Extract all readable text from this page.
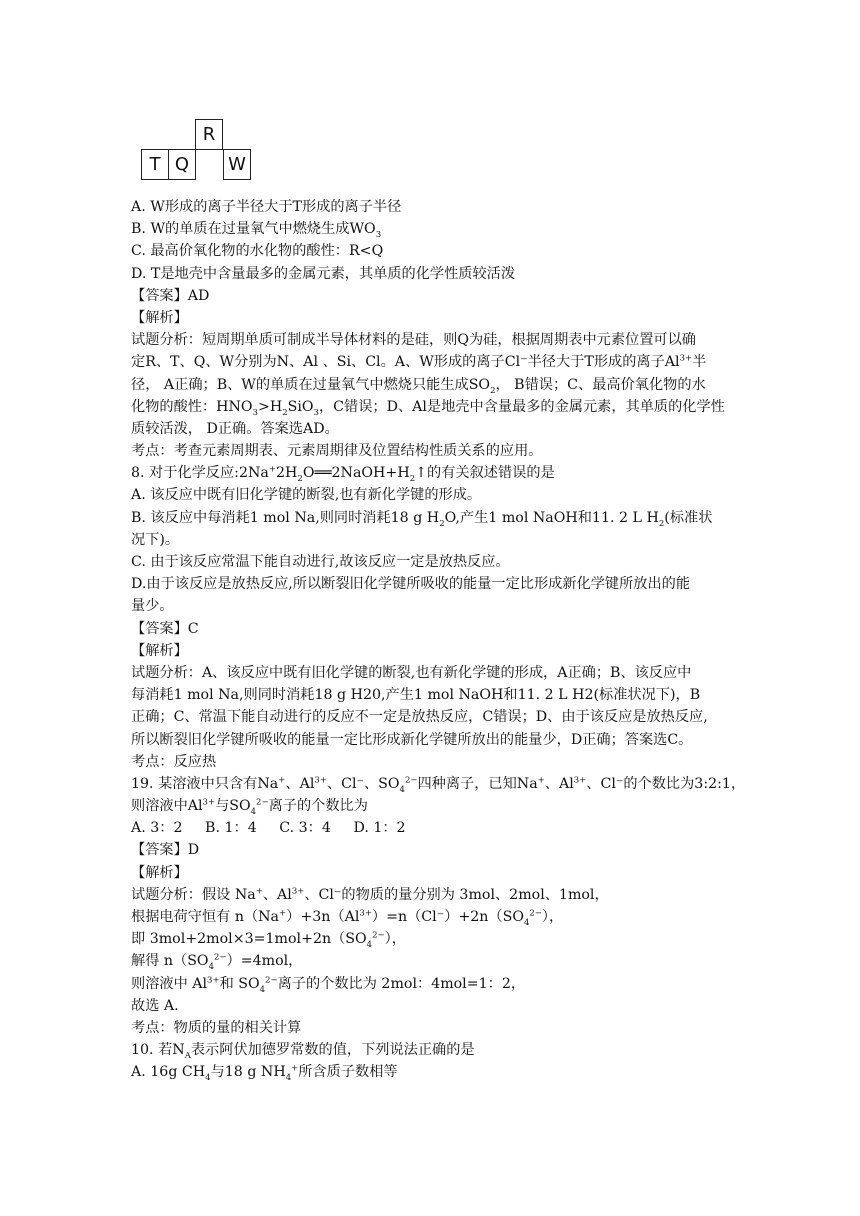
T Q
R
W
A. W形成的离子半径大于T形成的离子半径
B. W的单质在过量氧气中燃烧生成$WO_3$
C. 最高价氧化物的水化物的酸性：R<Q
D. T是地壳中含量最多的金属元素，其单质的化学性质较活泼
【答案】AD
【解析】
试题分析：短周期单质可制成半导体材料的是硅，则Q为硅，根据周期表中元素位置可以确
定R、T、Q、W分别为N、Al 、Si、Cl。A、W形成的离子Cl⁻半径大于T形成的离子$Al^{3+}$半
径， A正确；B、W的单质在过量氧气中燃烧只能生成$SO_2$， B错误；C、最高价氧化物的水
化物的酸性：$HNO_3>H_2SiO_3$，C错误；D、Al是地壳中含量最多的金属元素，其单质的化学性
质较活泼， D正确。答案选AD。
考点：考查元素周期表、元素周期律及位置结构性质关系的应用。
8. 对于化学反应$:2Na^+2H_2O══2NaOH+H_2↑$的有关叙述错误的是
A. 该反应中既有旧化学键的断裂,也有新化学键的形成。
B. 该反应中每消耗1 mol Na,则同时消耗18 g $H_2O$,产生1 mol NaOH和11. 2 L $H_2$(标准状
况下)。
C. 由于该反应常温下能自动进行,故该反应一定是放热反应。
D.由于该反应是放热反应,所以断裂旧化学键所吸收的能量一定比形成新化学键所放出的能
量少。
【答案】C
【解析】
试题分析：A、该反应中既有旧化学键的断裂,也有新化学键的形成，A正确；B、该反应中
每消耗1 mol Na,则同时消耗18 g H20,产生1 mol NaOH和11. 2 L H2(标准状况下)，B
正确；C、常温下能自动进行的反应不一定是放热反应，C错误；D、由于该反应是放热反应,
所以断裂旧化学键所吸收的能量一定比形成新化学键所放出的能量少，D正确；答案选C。
考点：反应热
19. 某溶液中只含有Na+、$Al^{3+}$、Cl⁻、$SO_4^{2-}$四种离子，已知Na+、$Al^{3+}$、Cl⁻的个数比为3:2:1，
则溶液中$Al^{3+}$与$SO_4^{2-}$离子的个数比为
A. 3：2     B. 1：4     C. 3：4     D. 1：2
【答案】D
【解析】
试题分析：假设 Na+、$Al^{3+}$、Cl⁻的物质的量分别为 3mol、2mol、1mol，
根据电荷守恒有 $n(Na^+)+3n(Al^{3+})=n(Cl^-)+2n(SO_4^{2-})$，
即 $3mol+2mol\times 3=1mol+2n(SO_4^{2-})$，
解得 $n(SO_4^{2-})=4mol$，
则溶液中 $Al^{3+}$和 $SO_4^{2-}$离子的个数比为 2mol：4mol=1：2，
故选 A.
考点：物质的量的相关计算
10. 若$N_A$表示阿伏加德罗常数的值，下列说法正确的是
A. 16g $CH_4$与18 g $NH_4^+$所含质子数相等
